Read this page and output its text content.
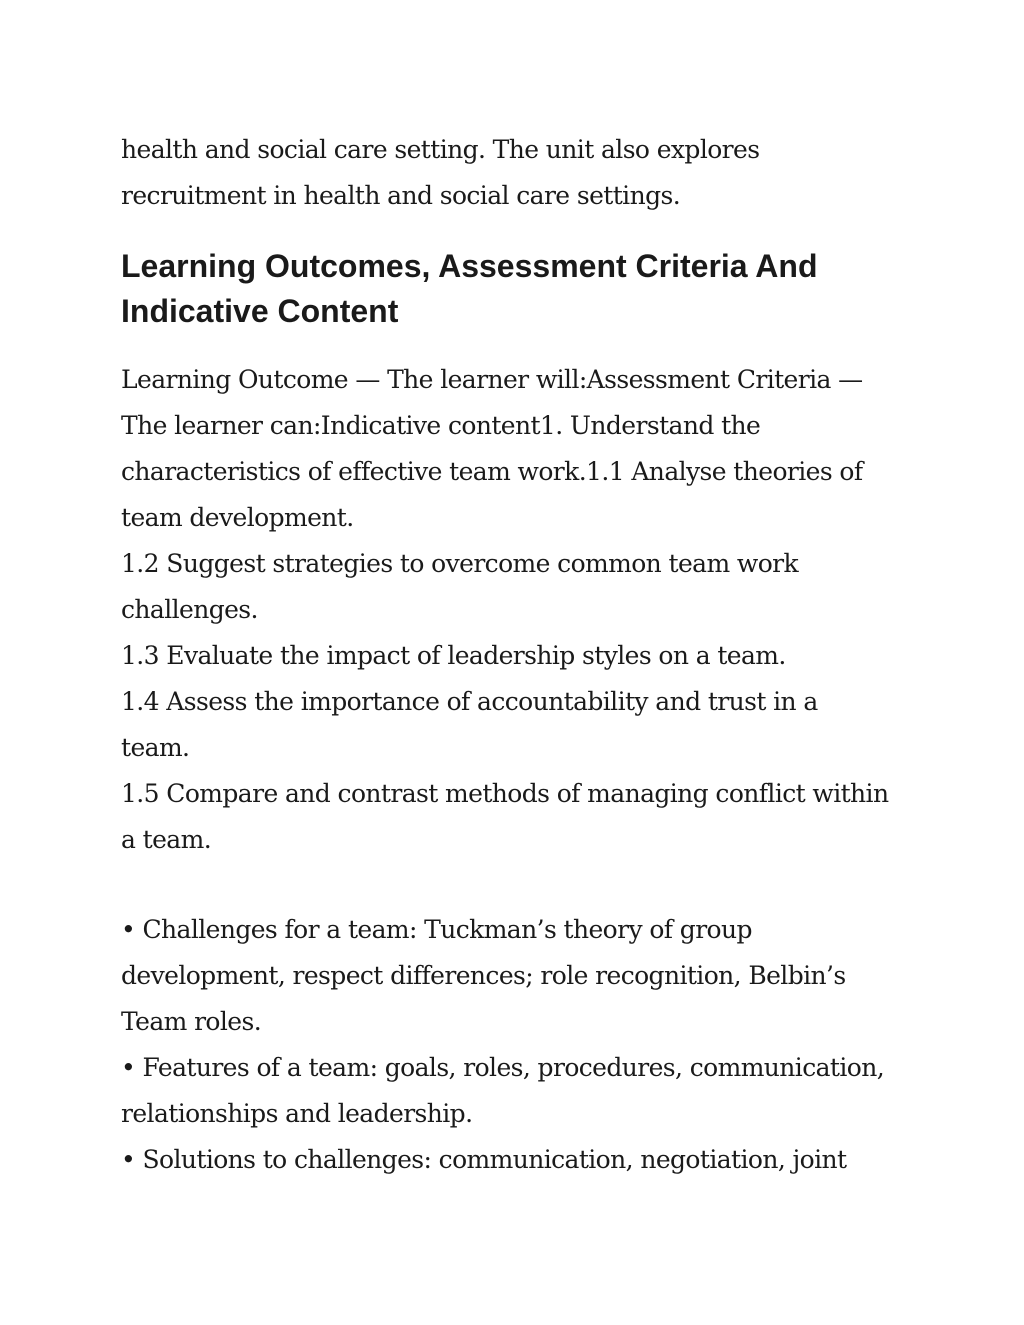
health and social care setting. The unit also explores
recruitment in health and social care settings.

Learning Outcomes, Assessment Criteria And
Indicative Content

Learning Outcome — The learner will:Assessment Criteria —
The learner can:Indicative content1. Understand the
characteristics of effective team work.1.1 Analyse theories of
team development.
1.2 Suggest strategies to overcome common team work
challenges.
1.3 Evaluate the impact of leadership styles on a team.
1.4 Assess the importance of accountability and trust in a
team.
1.5 Compare and contrast methods of managing conflict within
a team.

• Challenges for a team: Tuckman’s theory of group
development, respect differences; role recognition, Belbin’s
Team roles.
• Features of a team: goals, roles, procedures, communication,
relationships and leadership.
• Solutions to challenges: communication, negotiation, joint
